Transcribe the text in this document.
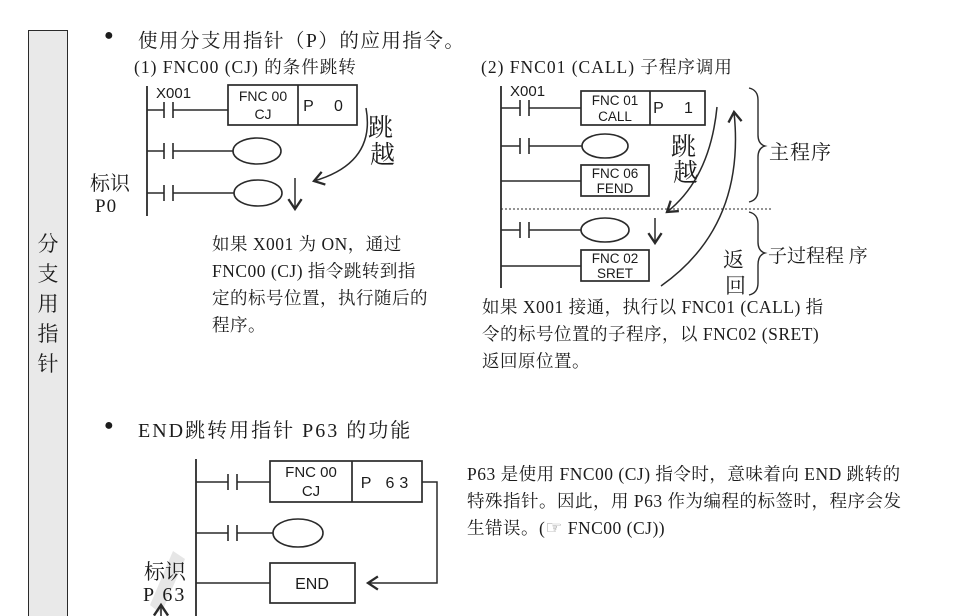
分
支
用
指
针
● 使用分支用指针（P）的应用指令。
(1) FNC00 (CJ) 的条件跳转	(2) FNC01 (CALL) 子程序调用
X001	FNC 00
CJ P 0
跳
越
标识
P0
X001
FNC 01
CALL P 1
FNC 06
FEND
FNC 02
SRET
跳
越
返
回
主程序
子过程程 序
如果 X001 为 ON，通过
FNC00 (CJ) 指令跳转到指
定的标号位置，执行随后的
程序。
如果 X001 接通，执行以 FNC01 (CALL) 指
令的标号位置的子程序，以 FNC02 (SRET)
返回原位置。
● END跳转用指针 P63 的功能
FNC 00
CJ	P 63
END
标识
P 63
P63 是使用 FNC00 (CJ) 指令时，意味着向 END 跳转的
特殊指针。因此，用 P63 作为编程的标签时，程序会发
生错误。(☞ FNC00 (CJ))
